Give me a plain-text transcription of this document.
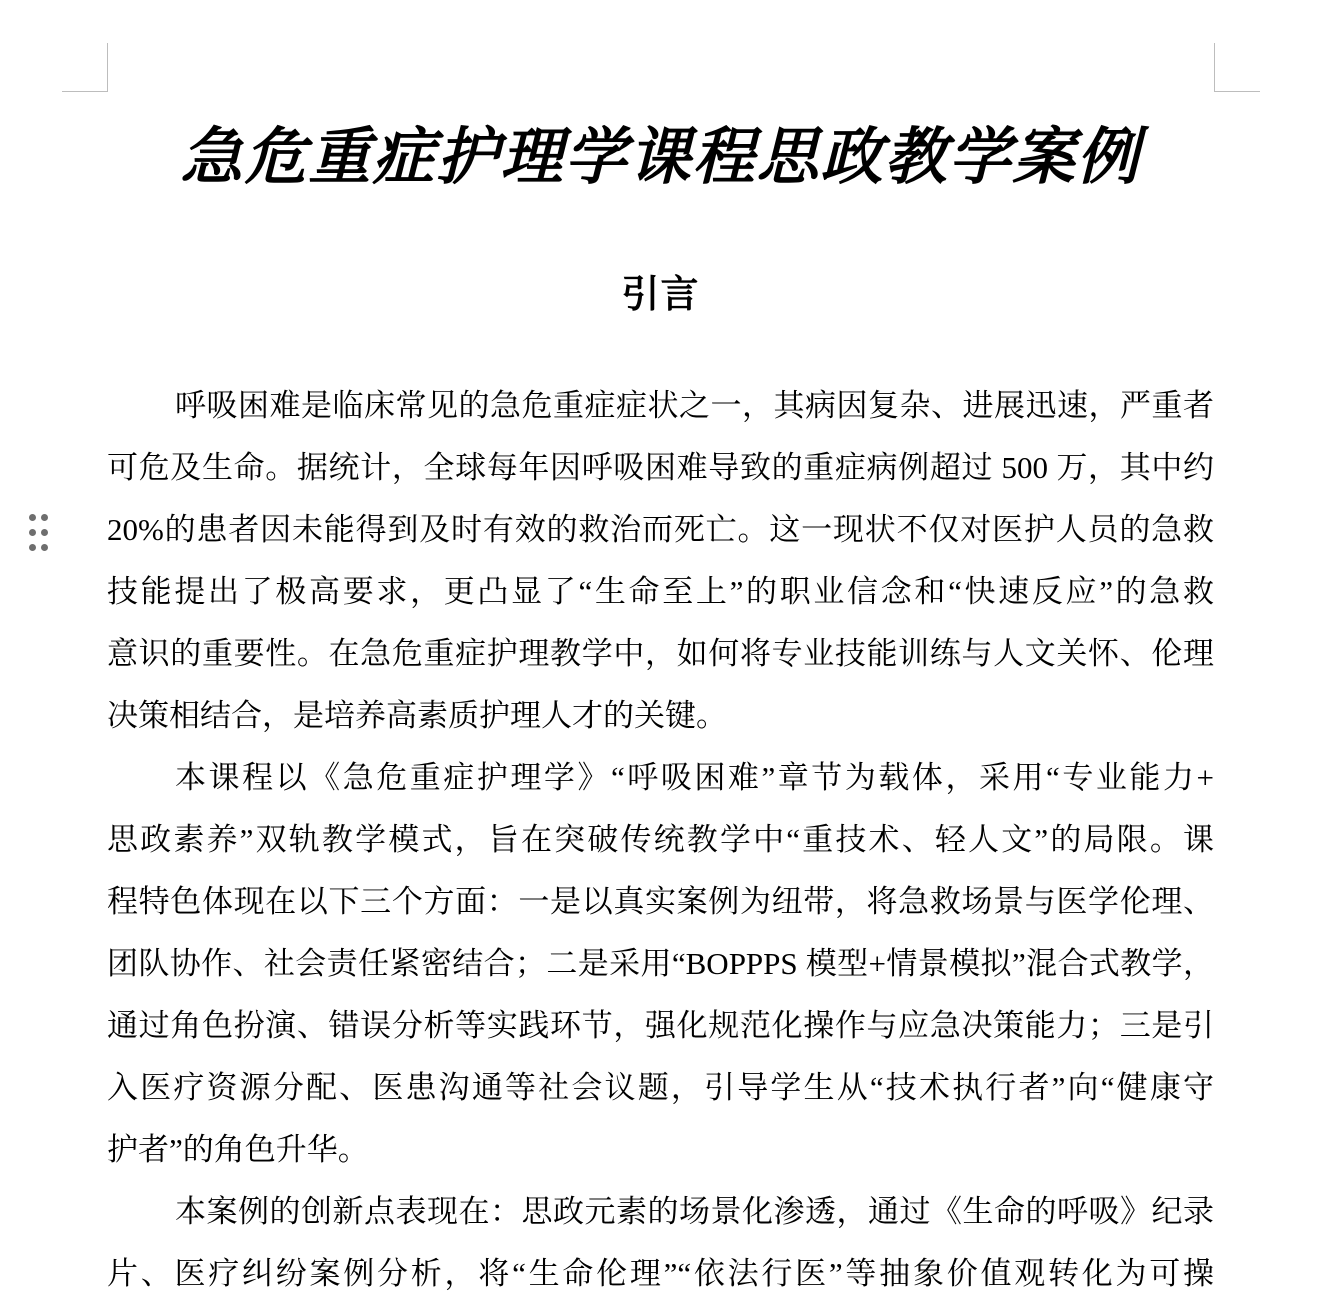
急危重症护理学课程思政教学案例
引言
呼吸困难是临床常见的急危重症症状之一，其病因复杂、进展迅速，严重者
可危及生命。据统计，全球每年因呼吸困难导致的重症病例超过 500 万，其中约
20%的患者因未能得到及时有效的救治而死亡。这一现状不仅对医护人员的急救
技能提出了极高要求，更凸显了“生命至上”的职业信念和“快速反应”的急救
意识的重要性。在急危重症护理教学中，如何将专业技能训练与人文关怀、伦理
决策相结合，是培养高素质护理人才的关键。
本课程以《急危重症护理学》“呼吸困难”章节为载体，采用“专业能力+
思政素养”双轨教学模式，旨在突破传统教学中“重技术、轻人文”的局限。课
程特色体现在以下三个方面：一是以真实案例为纽带，将急救场景与医学伦理、
团队协作、社会责任紧密结合；二是采用“BOPPPS 模型+情景模拟”混合式教学，
通过角色扮演、错误分析等实践环节，强化规范化操作与应急决策能力；三是引
入医疗资源分配、医患沟通等社会议题，引导学生从“技术执行者”向“健康守
护者”的角色升华。
本案例的创新点表现在：思政元素的场景化渗透，通过《生命的呼吸》纪录
片、医疗纠纷案例分析，将“生命伦理”“依法行医”等抽象价值观转化为可操
